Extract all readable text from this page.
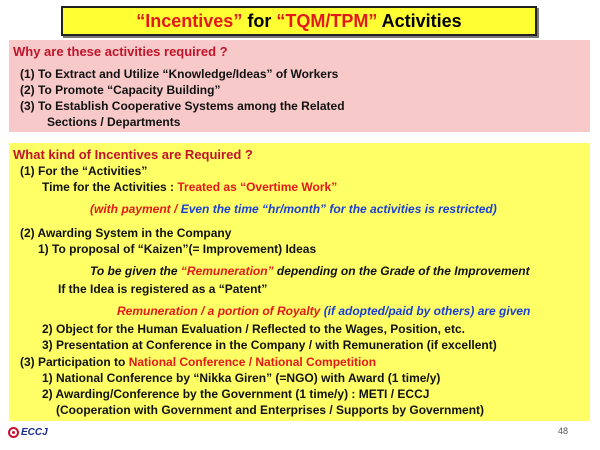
“Incentives” for “TQM/TPM” Activities
Why are these activities required ?
(1) To Extract and Utilize “Knowledge/Ideas” of Workers
(2) To Promote “Capacity Building”
(3) To Establish Cooperative Systems among the Related
Sections / Departments
What kind of Incentives are Required ?
(1) For the “Activities”
Time for the Activities : Treated as “Overtime Work”
(with payment / Even the time “hr/month” for the activities is restricted)
(2) Awarding System in the Company
1) To proposal of “Kaizen”(= Improvement) Ideas
To be given the “Remuneration” depending on the Grade of the Improvement
If the Idea is registered as a “Patent”
Remuneration / a portion of Royalty (if adopted/paid by others) are given
2) Object for the Human Evaluation / Reflected to the Wages, Position, etc.
3) Presentation at Conference in the Company / with Remuneration (if excellent)
(3) Participation to National Conference / National Competition
1) National Conference by “Nikka Giren” (=NGO) with Award (1 time/y)
2) Awarding/Conference by the Government (1 time/y) : METI / ECCJ
(Cooperation with Government and Enterprises / Supports by Government)
ECCJ	48
